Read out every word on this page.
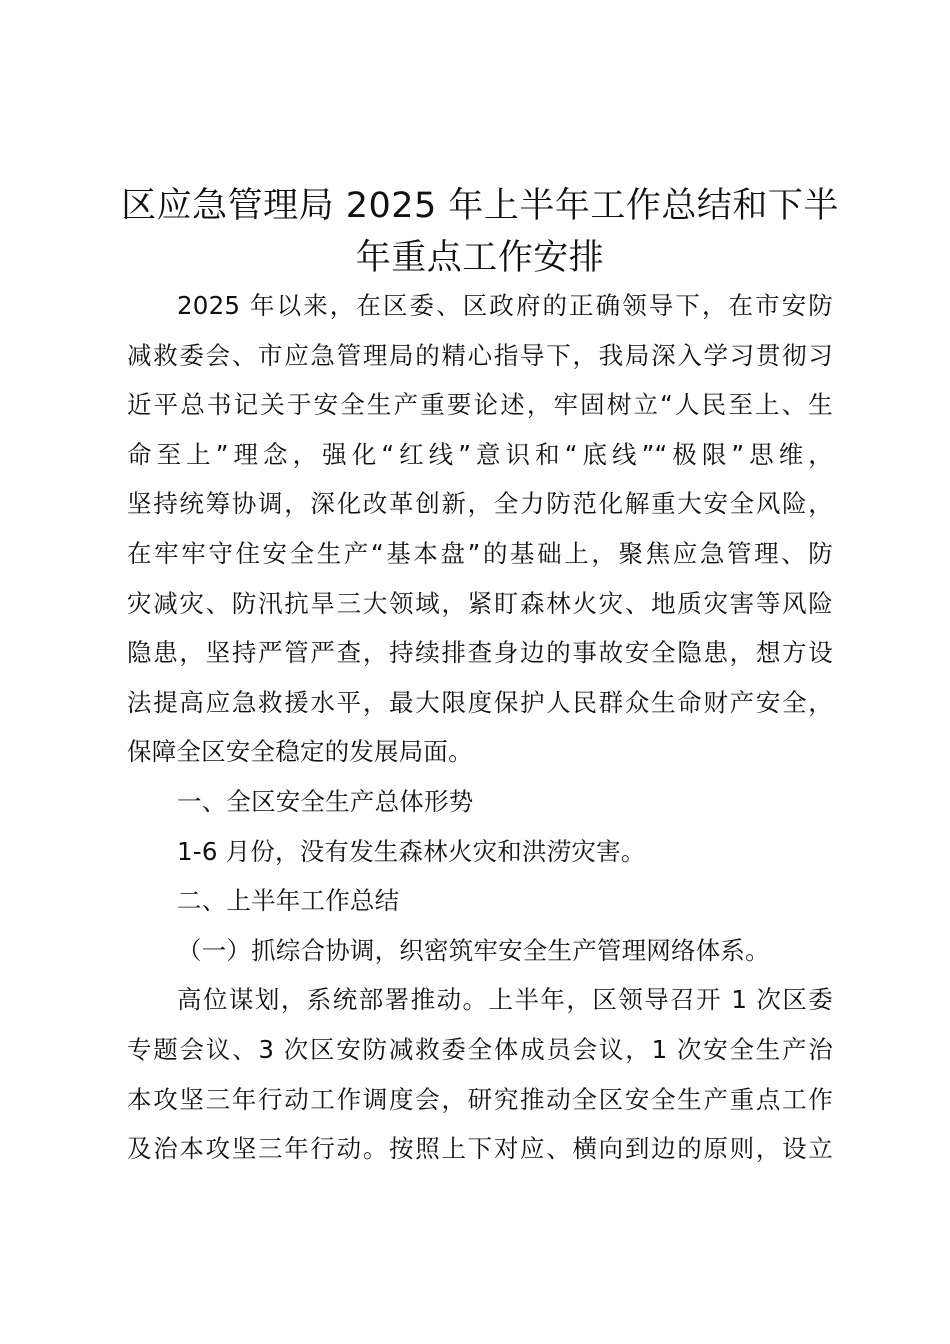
区应急管理局 2025 年上半年工作总结和下半
年重点工作安排
2025 年以来，在区委、区政府的正确领导下，在市安防
减救委会、市应急管理局的精心指导下，我局深入学习贯彻习
近平总书记关于安全生产重要论述，牢固树立“人民至上、生
命至上”理念，强化“红线”意识和“底线”“极限”思维，
坚持统筹协调，深化改革创新，全力防范化解重大安全风险，
在牢牢守住安全生产“基本盘”的基础上，聚焦应急管理、防
灾减灾、防汛抗旱三大领域，紧盯森林火灾、地质灾害等风险
隐患，坚持严管严查，持续排查身边的事故安全隐患，想方设
法提高应急救援水平，最大限度保护人民群众生命财产安全，
保障全区安全稳定的发展局面。
一、全区安全生产总体形势
1-6 月份，没有发生森林火灾和洪涝灾害。
二、上半年工作总结
（一）抓综合协调，织密筑牢安全生产管理网络体系。
高位谋划，系统部署推动。上半年，区领导召开 1 次区委
专题会议、3 次区安防减救委全体成员会议，1 次安全生产治
本攻坚三年行动工作调度会，研究推动全区安全生产重点工作
及治本攻坚三年行动。按照上下对应、横向到边的原则，设立
